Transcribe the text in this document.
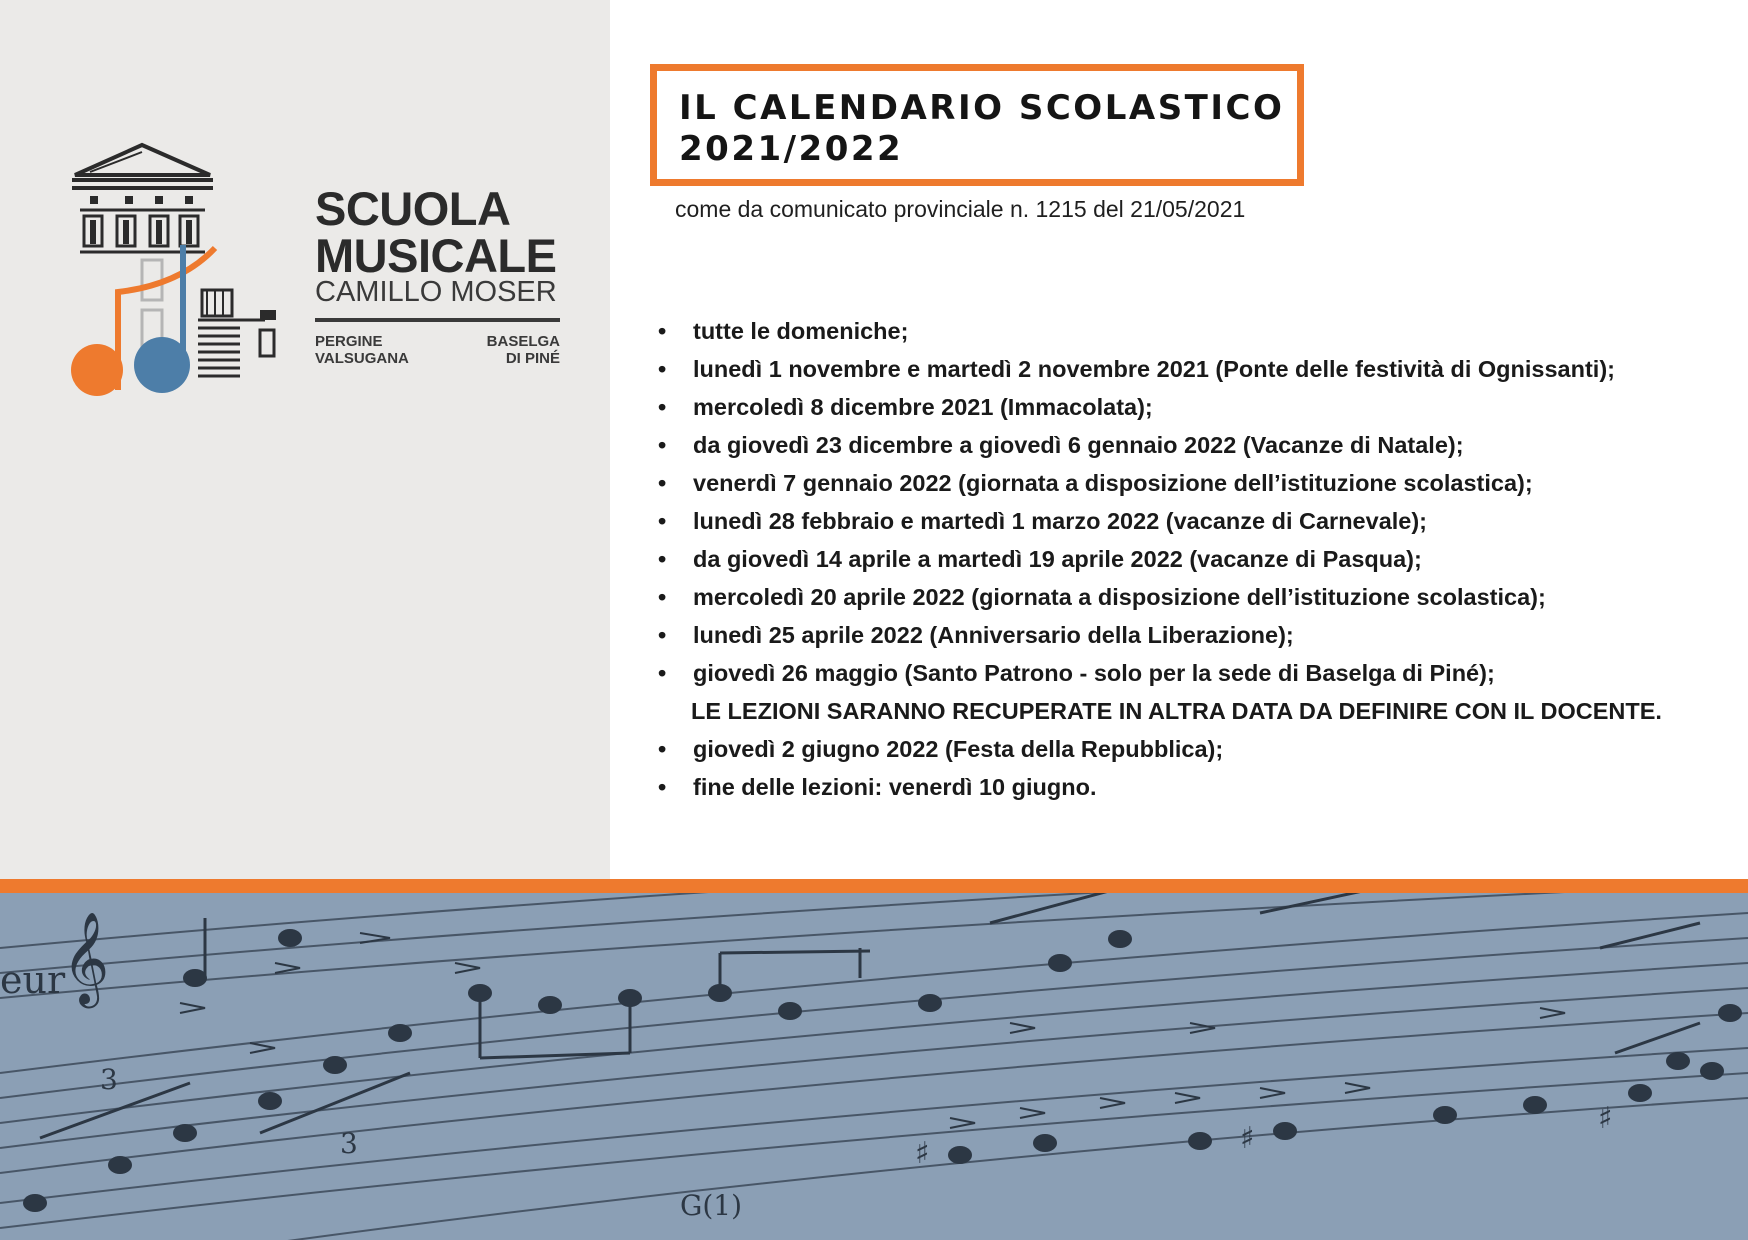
SCUOLA
MUSICALE
CAMILLO MOSER
PERGINE
VALSUGANA
BASELGA
DI PINÉ
IL CALENDARIO SCOLASTICO
2021/2022
come da comunicato provinciale n. 1215 del 21/05/2021
• tutte le domeniche;
• lunedì 1 novembre e martedì 2 novembre 2021 (Ponte delle festività di Ognissanti);
• mercoledì 8 dicembre 2021 (Immacolata);
• da giovedì 23 dicembre a giovedì 6 gennaio 2022 (Vacanze di Natale);
• venerdì 7 gennaio 2022 (giornata a disposizione dell’istituzione scolastica);
• lunedì 28 febbraio e martedì 1 marzo 2022 (vacanze di Carnevale);
• da giovedì 14 aprile a martedì 19 aprile 2022 (vacanze di Pasqua);
• mercoledì 20 aprile 2022 (giornata a disposizione dell’istituzione scolastica);
• lunedì 25 aprile 2022 (Anniversario della Liberazione);
• giovedì 26 maggio (Santo Patrono - solo per la sede di Baselga di Piné);
LE LEZIONI SARANNO RECUPERATE IN ALTRA DATA DA DEFINIRE CON IL DOCENTE.
• giovedì 2 giugno 2022 (Festa della Repubblica);
• fine delle lezioni: venerdì 10 giugno.
eur
3
3
G(1)
𝄞
♯	♯
♯
